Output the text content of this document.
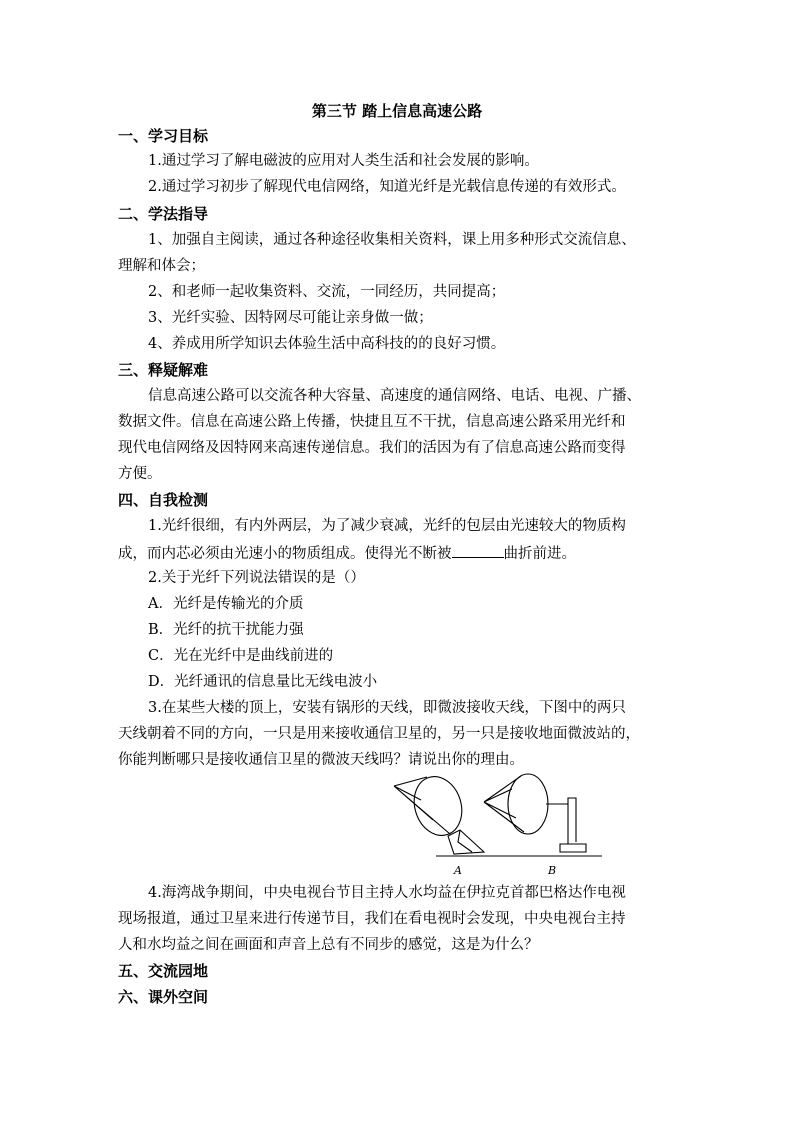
第三节 踏上信息高速公路
一、学习目标
1.通过学习了解电磁波的应用对人类生活和社会发展的影响。
2.通过学习初步了解现代电信网络，知道光纤是光载信息传递的有效形式。
二、学法指导
1、加强自主阅读，通过各种途径收集相关资料，课上用多种形式交流信息、
理解和体会；
2、和老师一起收集资料、交流，一同经历，共同提高；
3、光纤实验、因特网尽可能让亲身做一做；
4、养成用所学知识去体验生活中高科技的的良好习惯。
三、释疑解难
信息高速公路可以交流各种大容量、高速度的通信网络、电话、电视、广播、
数据文件。信息在高速公路上传播，快捷且互不干扰，信息高速公路采用光纤和
现代电信网络及因特网来高速传递信息。我们的活因为有了信息高速公路而变得
方便。
四、自我检测
1.光纤很细，有内外两层，为了减少衰减，光纤的包层由光速较大的物质构
成，而内芯必须由光速小的物质组成。使得光不断被	曲折前进。
2.关于光纤下列说法错误的是（）
A．光纤是传输光的介质
B．光纤的抗干扰能力强
C．光在光纤中是曲线前进的
D．光纤通讯的信息量比无线电波小
3.在某些大楼的顶上，安装有锅形的天线，即微波接收天线，下图中的两只
天线朝着不同的方向，一只是用来接收通信卫星的，另一只是接收地面微波站的，
你能判断哪只是接收通信卫星的微波天线吗？请说出你的理由。
A	B
4.海湾战争期间，中央电视台节目主持人水均益在伊拉克首都巴格达作电视
现场报道，通过卫星来进行传递节目，我们在看电视时会发现，中央电视台主持
人和水均益之间在画面和声音上总有不同步的感觉，这是为什么？
五、交流园地
六、课外空间
